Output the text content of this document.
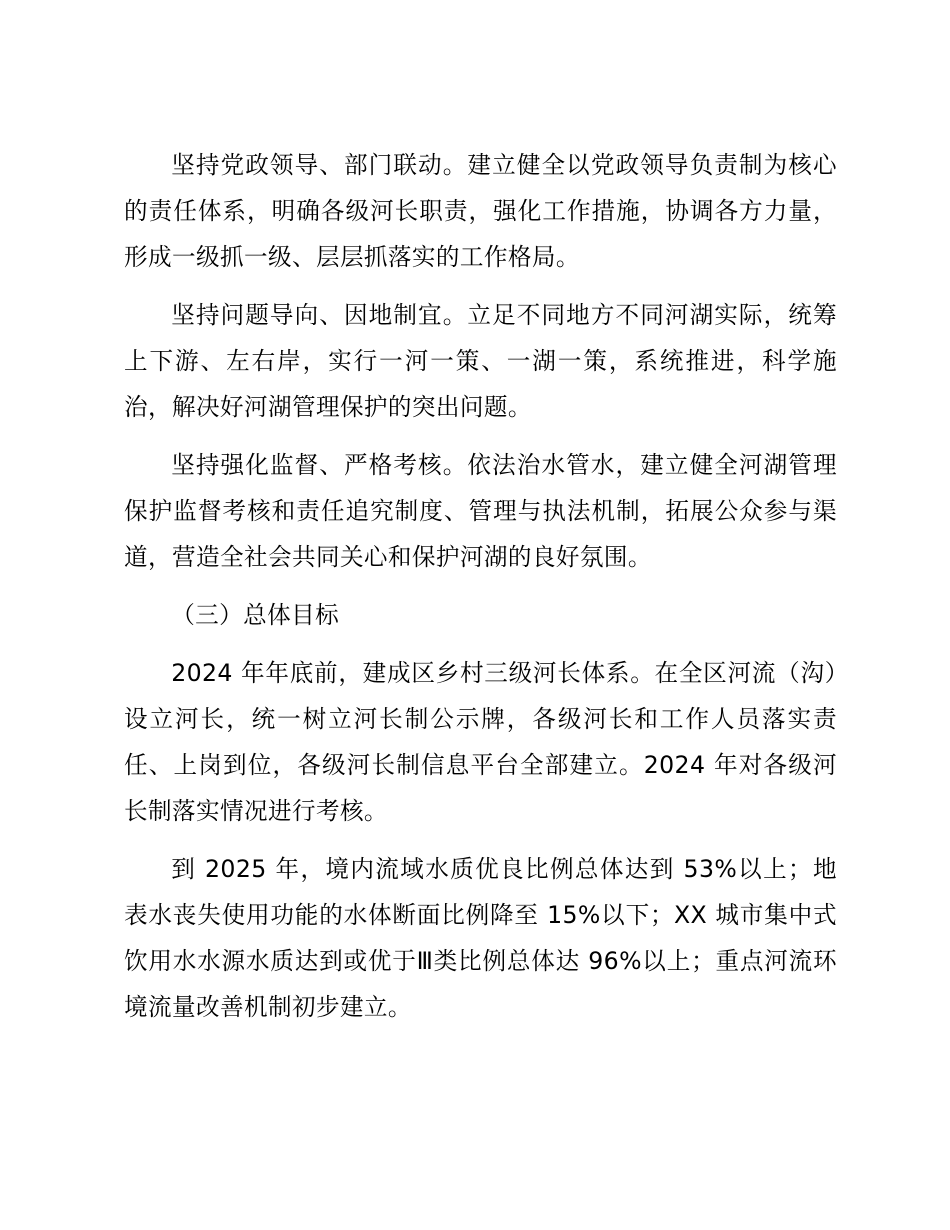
坚持党政领导、部门联动。建立健全以党政领导负责制为核心的责任体系，明确各级河长职责，强化工作措施，协调各方力量，形成一级抓一级、层层抓落实的工作格局。

坚持问题导向、因地制宜。立足不同地方不同河湖实际，统筹上下游、左右岸，实行一河一策、一湖一策，系统推进，科学施治，解决好河湖管理保护的突出问题。

坚持强化监督、严格考核。依法治水管水，建立健全河湖管理保护监督考核和责任追究制度、管理与执法机制，拓展公众参与渠道，营造全社会共同关心和保护河湖的良好氛围。

（三）总体目标

2024 年年底前，建成区乡村三级河长体系。在全区河流（沟）设立河长，统一树立河长制公示牌，各级河长和工作人员落实责任、上岗到位，各级河长制信息平台全部建立。2024 年对各级河长制落实情况进行考核。

到 2025 年，境内流域水质优良比例总体达到 53%以上；地表水丧失使用功能的水体断面比例降至 15%以下；XX 城市集中式饮用水水源水质达到或优于Ⅲ类比例总体达 96%以上；重点河流环境流量改善机制初步建立。
